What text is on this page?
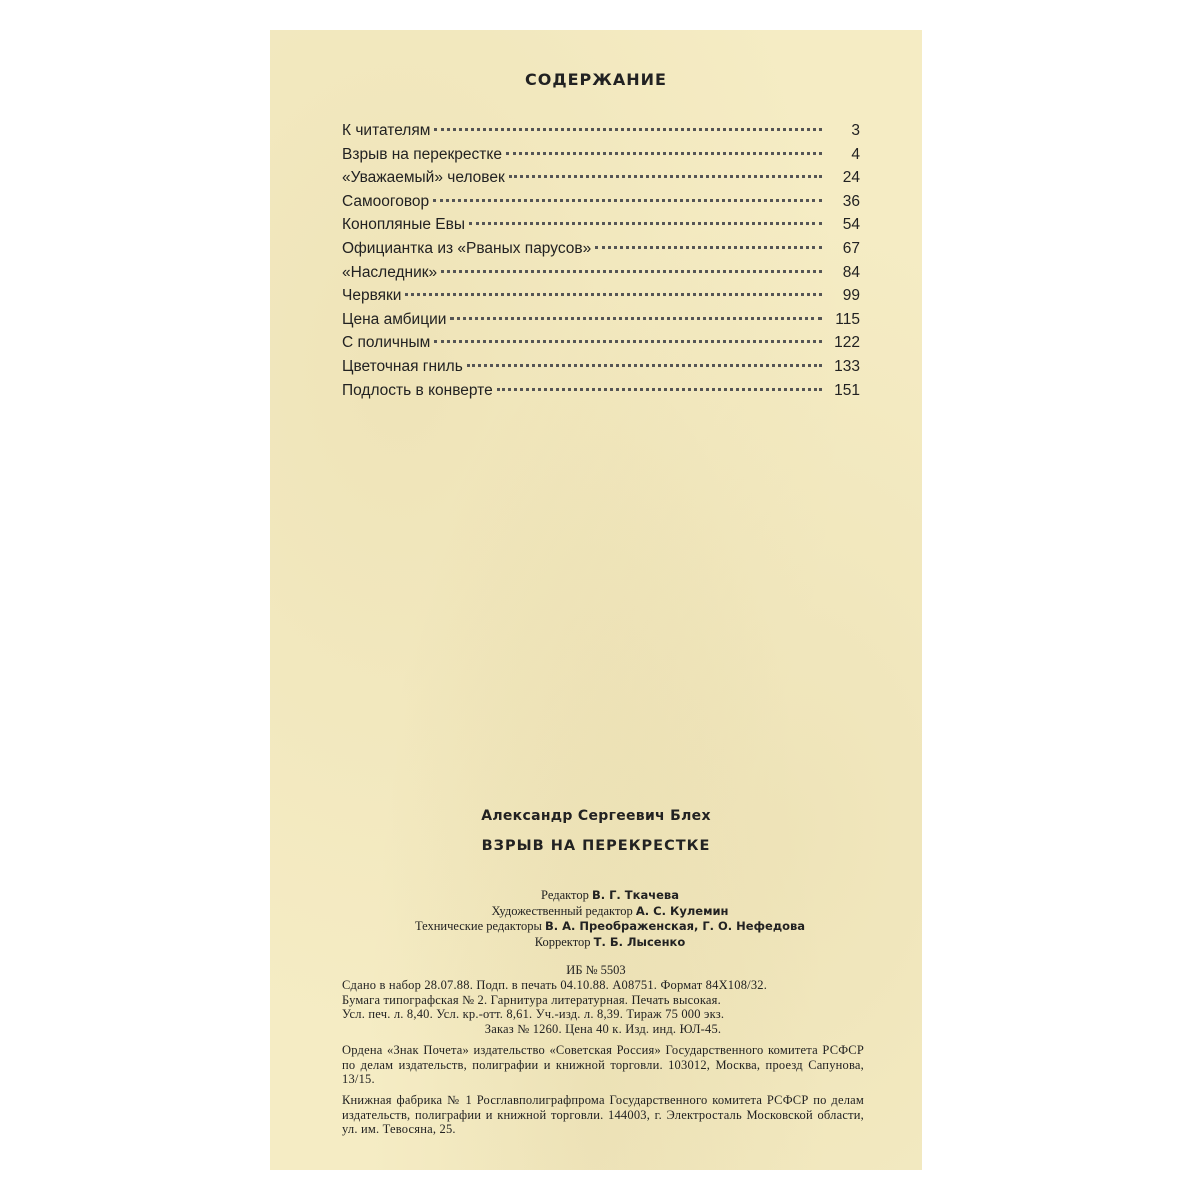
СОДЕРЖАНИЕ
К читателям	3
Взрыв на перекрестке	4
«Уважаемый» человек	24
Самооговор	36
Конопляные Евы	54
Официантка из «Рваных парусов»	67
«Наследник»	84
Червяки	99
Цена амбиции	115
С поличным	122
Цветочная гниль	133
Подлость в конверте	151
Александр Сергеевич Блех
ВЗРЫВ НА ПЕРЕКРЕСТКЕ
Редактор В. Г. Ткачева
Художественный редактор А. С. Кулемин
Технические редакторы В. А. Преображенская, Г. О. Нефедова
Корректор Т. Б. Лысенко
ИБ № 5503
Сдано в набор 28.07.88. Подп. в печать 04.10.88. А08751. Формат 84Х108/32.
Бумага типографская № 2. Гарнитура литературная. Печать высокая.
Усл. печ. л. 8,40. Усл. кр.-отт. 8,61. Уч.-изд. л. 8,39. Тираж 75 000 экз.
Заказ № 1260. Цена 40 к. Изд. инд. ЮЛ-45.
Ордена «Знак Почета» издательство «Советская Россия» Государственного комитета РСФСР по делам издательств, полиграфии и книжной торговли. 103012, Москва, проезд Сапунова, 13/15.
Книжная фабрика № 1 Росглавполиграфпрома Государственного комитета РСФСР по делам издательств, полиграфии и книжной торговли. 144003, г. Электросталь Московской области, ул. им. Тевосяна, 25.
